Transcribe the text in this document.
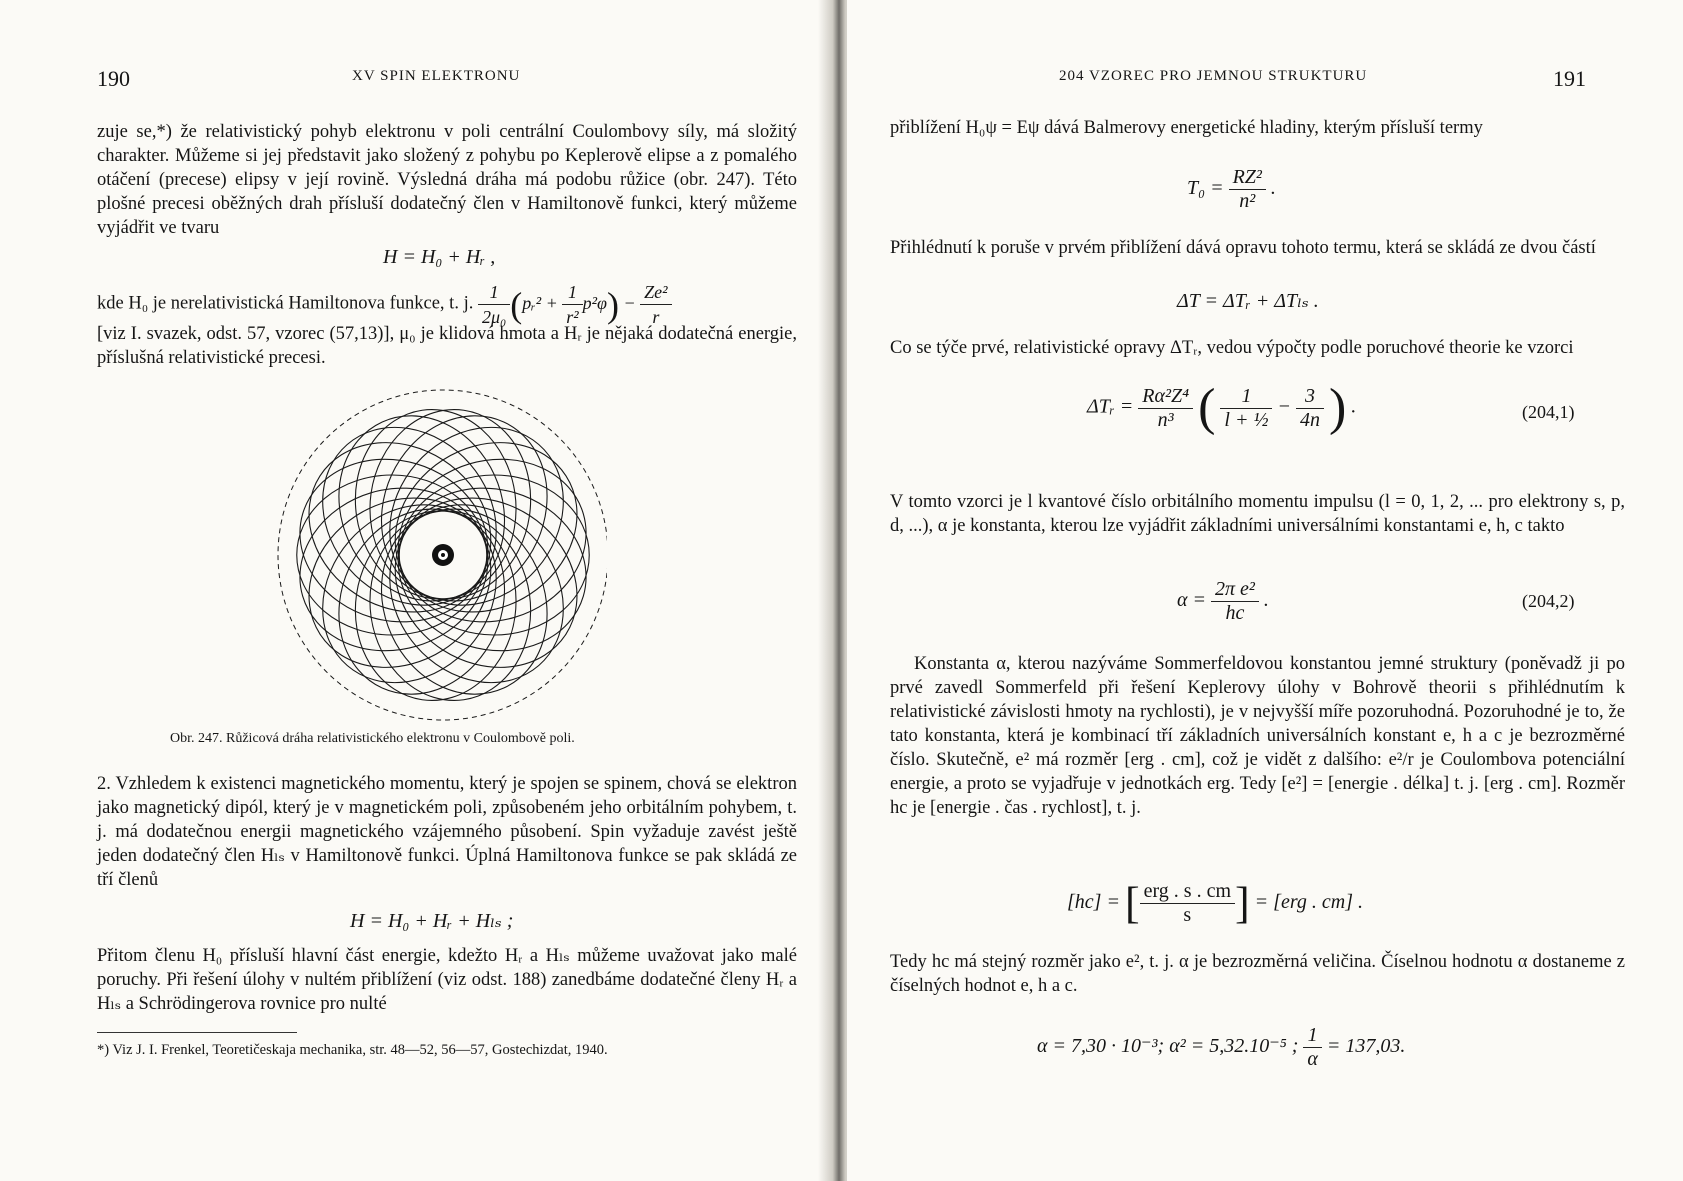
190	XV SPIN ELEKTRONU

zuje se,*) že relativistický pohyb elektronu v poli centrální Coulombovy síly, má složitý charakter. Můžeme si jej představit jako složený z pohybu po Keplerově elipse a z pomalého otáčení (precese) elipsy v její rovině. Výsledná dráha má podobu růžice (obr. 247). Této plošné precesi oběžných drah přísluší dodatečný člen v Hamiltonově funkci, který můžeme vyjádřit ve tvaru

H = H₀ + Hᵣ ,
kde H₀ je nerelativistická Hamiltonova funkce, t. j. $\frac{1}{\text{2μ₀}}$ (pᵣ² + $\frac{1}{\text{r²}} p^2\varphi) - \frac{\text{Ze²}}{r}$

[viz I. svazek, odst. 57, vzorec (57,13)], μ₀ je klidová hmota a Hᵣ je nějaká dodatečná energie, příslušná relativistické precesi.

Obr. 247. Růžicová dráha relativistického elektronu v Coulombově poli.

2. Vzhledem k existenci magnetického momentu, který je spojen se spinem, chová se elektron jako magnetický dipól, který je v magnetickém poli, způsobeném jeho orbitálním pohybem, t. j. má dodatečnou energii magnetického vzájemného působení. Spin vyžaduje zavést ještě jeden dodatečný člen Hₗₛ v Hamiltonově funkci. Úplná Hamiltonova funkce se pak skládá ze tří členů

H = H₀ + Hᵣ + Hₗₛ ;

Přitom členu H₀ přísluší hlavní část energie, kdežto Hᵣ a Hₗₛ můžeme uvažovat jako malé poruchy. Při řešení úlohy v nultém přiblížení (viz odst. 188) zanedbáme dodatečné členy Hᵣ a Hₗₛ a Schrödingerova rovnice pro nulté

*) Viz J. I. Frenkel, Teoretičeskaja mechanika, str. 48—52, 56—57, Gostechizdat, 1940.
204 VZOREC PRO JEMNOU STRUKTURU	191

přiblížení H₀ψ = Eψ dává Balmerovy energetické hladiny, kterým přísluší termy

$T_0 = \frac{\text{RZ²}}{\text{n²}}$ .

Přihlédnutí k poruše v prvém přiblížení dává opravu tohoto termu, která se skládá ze dvou částí

ΔT = ΔTᵣ + ΔTₗₛ .

Co se týče prvé, relativistické opravy ΔTᵣ, vedou výpočty podle poruchové theorie ke vzorci

ΔTᵣ = $\frac{\text{Rα²Z⁴}}{\text{n³}}$ ( $\frac{1}{\text{l + ½}} - \frac{3}{4n}$ ) .	(204,1)

V tomto vzorci je l kvantové číslo orbitálního momentu impulsu (l = 0, 1, 2, ... pro elektrony s, p, d, ...), α je konstanta, kterou lze vyjádřit základními universálními konstantami e, h, c takto

$\alpha = \frac{\text{2π e²}}{hc}$ .	(204,2)

Konstanta α, kterou nazýváme Sommerfeldovou konstantou jemné struktury (poněvadž ji po prvé zavedl Sommerfeld při řešení Keplerovy úlohy v Bohrově theorii s přihlédnutím k relativistické závislosti hmoty na rychlosti), je v nejvyšší míře pozoruhodná. Pozoruhodné je to, že tato konstanta, která je kombinací tří základních universálních konstant e, h a c je bezrozměrné číslo. Skutečně, e² má rozměr [erg . cm], což je vidět z dalšího: e²/r je Coulombova potenciální energie, a proto se vyjadřuje v jednotkách erg. Tedy [e²] = [energie . délka] t. j. [erg . cm]. Rozměr hc je [energie . čas . rychlost], t. j.

[hc] = [ $\frac{\text{erg . s . cm}}{s}$ ] = [erg . cm] .

Tedy hc má stejný rozměr jako e², t. j. α je bezrozměrná veličina. Číselnou hodnotu α dostaneme z číselných hodnot e, h a c.

α = 7,30 · 10⁻³; α² = 5,32.10⁻⁵ ; $\frac{1}{\alpha} = 137,03$.
